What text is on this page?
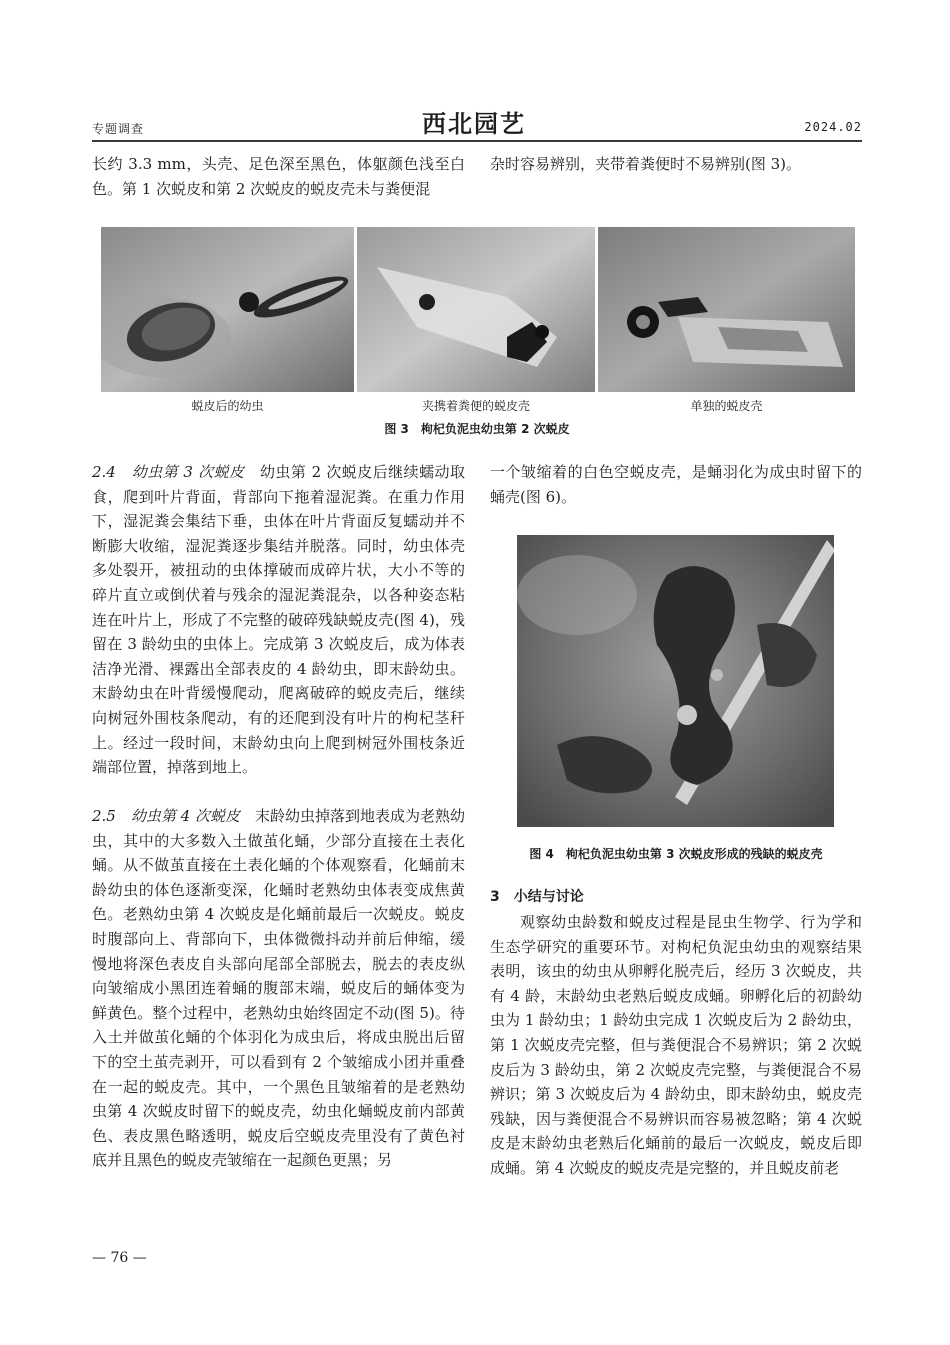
专题调查	西北园艺	2024.02

长约 3.3 mm，头壳、足色深至黑色，体躯颜色浅至白色。第 1 次蜕皮和第 2 次蜕皮的蜕皮壳未与粪便混

杂时容易辨别，夹带着粪便时不易辨别(图 3)。

蜕皮后的幼虫	夹携着粪便的蜕皮壳	单独的蜕皮壳
图 3　枸杞负泥虫幼虫第 2 次蜕皮

2.4　幼虫第 3 次蜕皮　 幼虫第 2 次蜕皮后继续蠕动取食，爬到叶片背面，背部向下拖着湿泥粪。在重力作用下，湿泥粪会集结下垂，虫体在叶片背面反复蠕动并不断膨大收缩，湿泥粪逐步集结并脱落。同时，幼虫体壳多处裂开，被扭动的虫体撑破而成碎片状，大小不等的碎片直立或倒伏着与残余的湿泥粪混杂，以各种姿态粘连在叶片上，形成了不完整的破碎残缺蜕皮壳(图 4)，残留在 3 龄幼虫的虫体上。完成第 3 次蜕皮后，成为体表洁净光滑、裸露出全部表皮的 4 龄幼虫，即末龄幼虫。末龄幼虫在叶背缓慢爬动，爬离破碎的蜕皮壳后，继续向树冠外围枝条爬动，有的还爬到没有叶片的枸杞茎秆上。经过一段时间，末龄幼虫向上爬到树冠外围枝条近端部位置，掉落到地上。

2.5　幼虫第 4 次蜕皮　 末龄幼虫掉落到地表成为老熟幼虫，其中的大多数入土做茧化蛹，少部分直接在土表化蛹。从不做茧直接在土表化蛹的个体观察看，化蛹前末龄幼虫的体色逐渐变深，化蛹时老熟幼虫体表变成焦黄色。老熟幼虫第 4 次蜕皮是化蛹前最后一次蜕皮。蜕皮时腹部向上、背部向下，虫体微微抖动并前后伸缩，缓慢地将深色表皮自头部向尾部全部脱去，脱去的表皮纵向皱缩成小黑团连着蛹的腹部末端，蜕皮后的蛹体变为鲜黄色。整个过程中，老熟幼虫始终固定不动(图 5)。待入土并做茧化蛹的个体羽化为成虫后，将成虫脱出后留下的空土茧壳剥开，可以看到有 2 个皱缩成小团并重叠在一起的蜕皮壳。其中，一个黑色且皱缩着的是老熟幼虫第 4 次蜕皮时留下的蜕皮壳，幼虫化蛹蜕皮前内部黄色、表皮黑色略透明，蜕皮后空蜕皮壳里没有了黄色衬底并且黑色的蜕皮壳皱缩在一起颜色更黑；另

一个皱缩着的白色空蜕皮壳，是蛹羽化为成虫时留下的蛹壳(图 6)。

图 4　枸杞负泥虫幼虫第 3 次蜕皮形成的残缺的蜕皮壳
3　小结与讨论

观察幼虫龄数和蜕皮过程是昆虫生物学、行为学和生态学研究的重要环节。对枸杞负泥虫幼虫的观察结果表明，该虫的幼虫从卵孵化脱壳后，经历 3 次蜕皮，共有 4 龄，末龄幼虫老熟后蜕皮成蛹。卵孵化后的初龄幼虫为 1 龄幼虫；1 龄幼虫完成 1 次蜕皮后为 2 龄幼虫，第 1 次蜕皮壳完整，但与粪便混合不易辨识；第 2 次蜕皮后为 3 龄幼虫，第 2 次蜕皮壳完整，与粪便混合不易辨识；第 3 次蜕皮后为 4 龄幼虫，即末龄幼虫，蜕皮壳残缺，因与粪便混合不易辨识而容易被忽略；第 4 次蜕皮是末龄幼虫老熟后化蛹前的最后一次蜕皮，蜕皮后即成蛹。第 4 次蜕皮的蜕皮壳是完整的，并且蜕皮前老

— 76 —
